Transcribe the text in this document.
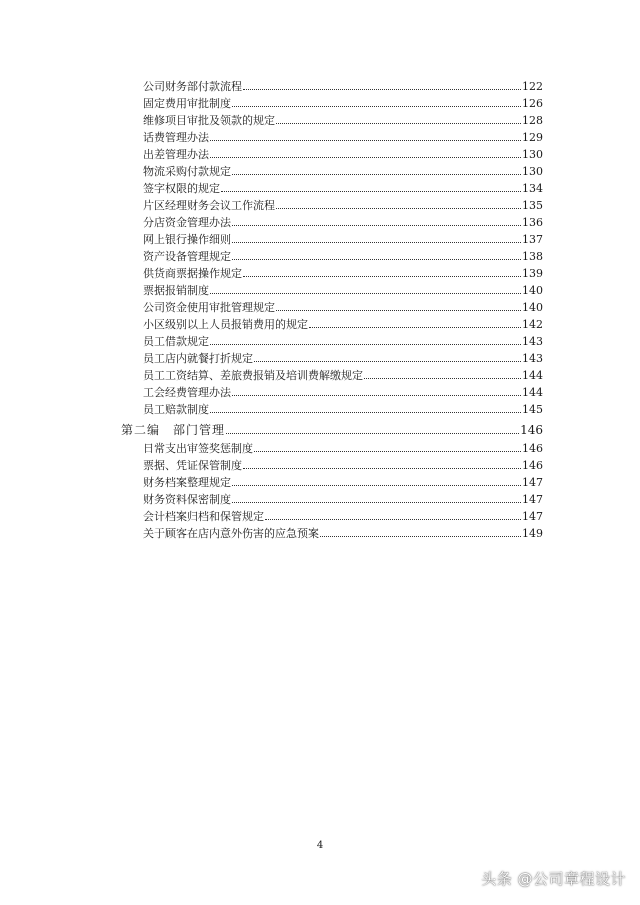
公司财务部付款流程	122
固定费用审批制度	126
维修项目审批及领款的规定	128
话费管理办法	129
出差管理办法	130
物流采购付款规定	130
签字权限的规定	134
片区经理财务会议工作流程	135
分店资金管理办法	136
网上银行操作细则	137
资产设备管理规定	138
供货商票据操作规定	139
票据报销制度	140
公司资金使用审批管理规定	140
小区级别以上人员报销费用的规定	142
员工借款规定	143
员工店内就餐打折规定	143
员工工资结算、差旅费报销及培训费解缴规定	144
工会经费管理办法	144
员工赔款制度	145
第二编　部门管理	146
日常支出审签奖惩制度	146
票据、凭证保管制度	146
财务档案整理规定	147
财务资料保密制度	147
会计档案归档和保管规定	147
关于顾客在店内意外伤害的应急预案	149
4
头条 @公司章程设计
